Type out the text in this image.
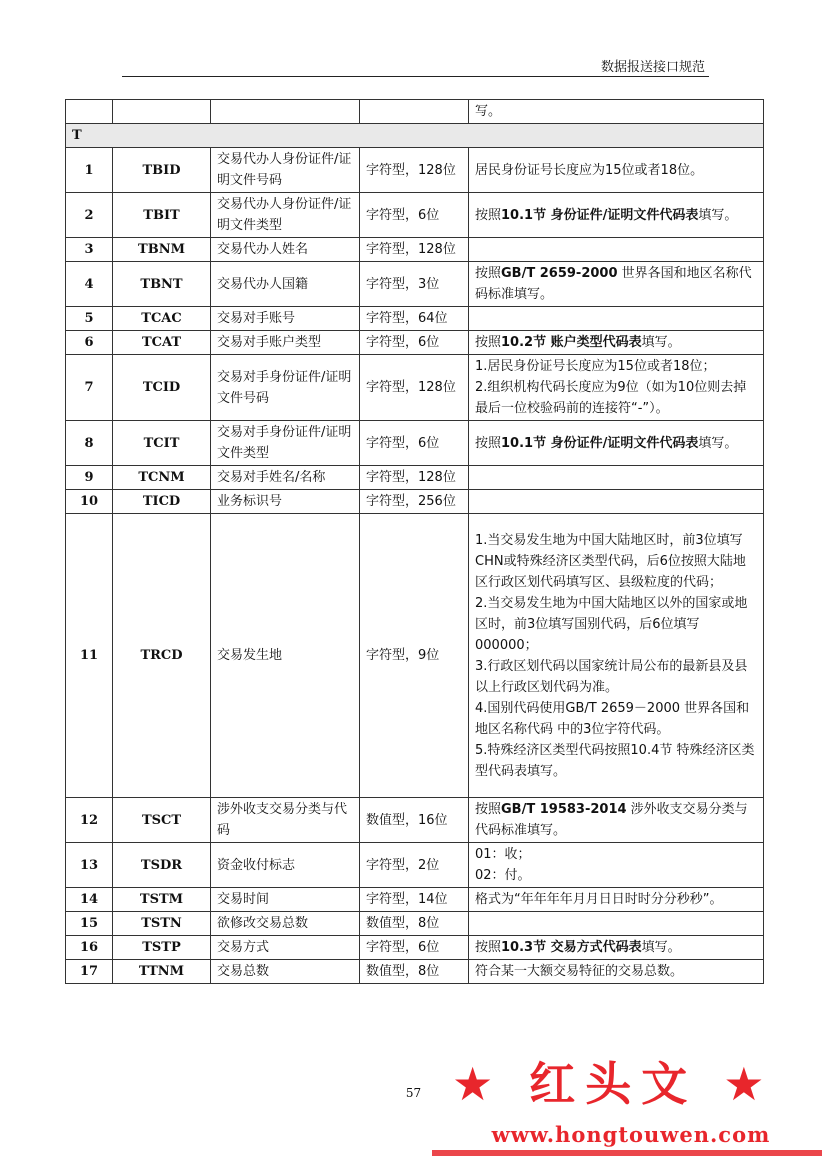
数据报送接口规范
				写。
T				
1	TBID	交易代办人身份证件/证明文件号码	字符型，128位	居民身份证号长度应为15位或者18位。
2	TBIT	交易代办人身份证件/证明文件类型	字符型，6位	按照10.1节 身份证件/证明文件代码表填写。
3	TBNM	交易代办人姓名	字符型，128位	
4	TBNT	交易代办人国籍	字符型，3位	按照GB/T 2659-2000 世界各国和地区名称代码标准填写。
5	TCAC	交易对手账号	字符型，64位	
6	TCAT	交易对手账户类型	字符型，6位	按照10.2节 账户类型代码表填写。
7	TCID	交易对手身份证件/证明文件号码	字符型，128位	1.居民身份证号长度应为15位或者18位；
2.组织机构代码长度应为9位（如为10位则去掉最后一位校验码前的连接符“-”）。

8	TCIT	交易对手身份证件/证明文件类型	字符型，6位	按照10.1节 身份证件/证明文件代码表填写。
9	TCNM	交易对手姓名/名称	字符型，128位	
10	TICD	业务标识号	字符型，256位	
11	TRCD	交易发生地	字符型，9位	1.当交易发生地为中国大陆地区时，前3位填写CHN或特殊经济区类型代码，后6位按照大陆地区行政区划代码填写区、县级粒度的代码；
2.当交易发生地为中国大陆地区以外的国家或地区时，前3位填写国别代码，后6位填写000000；
3.行政区划代码以国家统计局公布的最新县及县以上行政区划代码为准。
4.国别代码使用GB/T 2659－2000 世界各国和地区名称代码 中的3位字符代码。
5.特殊经济区类型代码按照10.4节 特殊经济区类型代码表填写。

12	TSCT	涉外收支交易分类与代码	数值型，16位	按照GB/T 19583-2014 涉外收支交易分类与代码标准填写。
13	TSDR	资金收付标志	字符型，2位	01：收；
02：付。

14	TSTM	交易时间	字符型，14位	格式为“年年年年月月日日时时分分秒秒”。
15	TSTN	欲修改交易总数	数值型，8位	
16	TSTP	交易方式	字符型，6位	按照10.3节 交易方式代码表填写。
17	TTNM	交易总数	数值型，8位	符合某一大额交易特征的交易总数。
57 ★ 红头文 ★
www.hongtouwen.com
